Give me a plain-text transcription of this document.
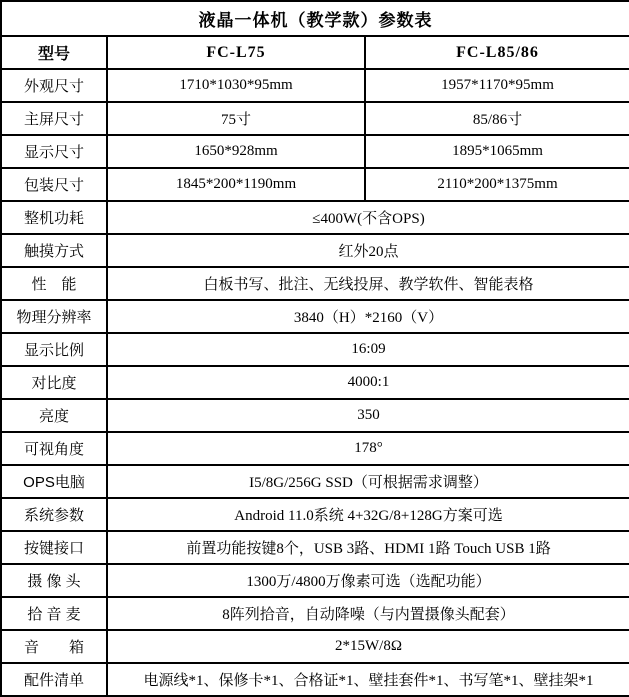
液晶一体机（教学款）参数表		
型号	FC-L75	FC-L85/86
外观尺寸	1710*1030*95mm	1957*1170*95mm
主屏尺寸	75寸	85/86寸
显示尺寸	1650*928mm	1895*1065mm
包装尺寸	1845*200*1190mm	2110*200*1375mm
整机功耗	≤400W(不含OPS)	
触摸方式	红外20点	
性　能	白板书写、批注、无线投屏、教学软件、智能表格	
物理分辨率	3840（H）*2160（V）	
显示比例	16:09	
对比度	4000:1	
亮度	350	
可视角度	178°	
OPS电脑	I5/8G/256G SSD（可根据需求调整）	
系统参数	Android 11.0系统 4+32G/8+128G方案可选	
按键接口	前置功能按键8个，USB 3路、HDMI 1路 Touch USB 1路	
摄 像 头	1300万/4800万像素可选（选配功能）	
拾 音 麦	8阵列拾音，自动降噪（与内置摄像头配套）	
音　　箱	2*15W/8Ω	
配件清单	电源线*1、保修卡*1、合格证*1、壁挂套件*1、书写笔*1、壁挂架*1	
